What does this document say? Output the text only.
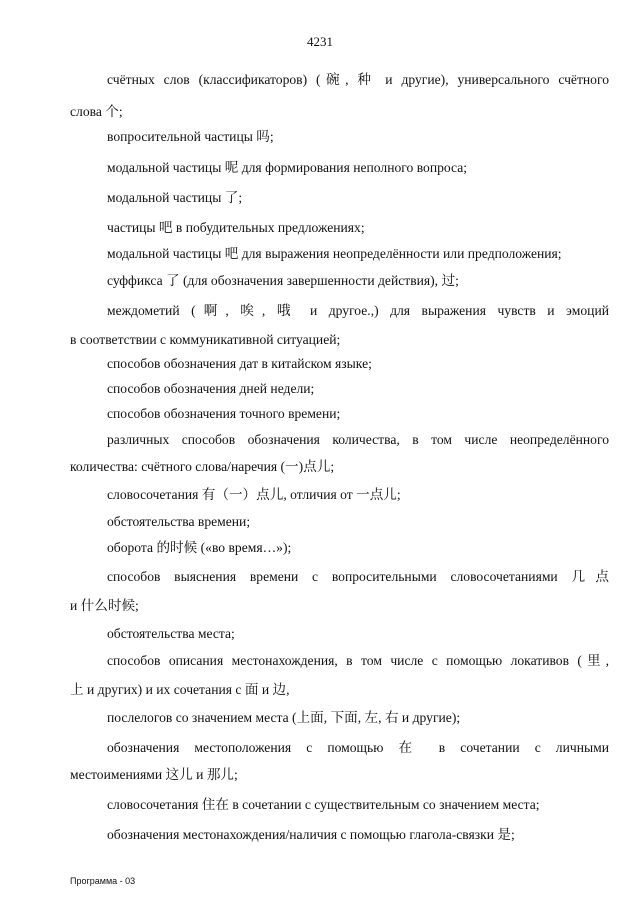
4231
счётных слов (классификаторов) (碗, 种 и другие), универсального счётного
слова 个;
вопросительной частицы 吗;
модальной частицы 呢 для формирования неполного вопроса;
модальной частицы 了;
частицы 吧 в побудительных предложениях;
модальной частицы 吧 для выражения неопределённости или предположения;
суффикса 了 (для обозначения завершенности действия), 过;
междометий (啊, 唉, 哦 и другое.,) для выражения чувств и эмоций
в соответствии с коммуникативной ситуацией;
способов обозначения дат в китайском языке;
способов обозначения дней недели;
способов обозначения точного времени;
различных способов обозначения количества, в том числе неопределённого
количества: счётного слова/наречия (一)点儿;
словосочетания 有（一）点儿, отличия от 一点儿;
обстоятельства времени;
оборота 的时候 («во время…»);
способов выяснения времени с вопросительными словосочетаниями 几点
и 什么时候;
обстоятельства места;
способов описания местонахождения, в том числе с помощью локативов (里,
上 и других) и их сочетания с 面 и 边,
послелогов со значением места (上面, 下面, 左, 右 и другие);
обозначения местоположения с помощью 在 в сочетании с личными
местоимениями 这儿 и 那儿;
словосочетания 住在 в сочетании с существительным со значением места;
обозначения местонахождения/наличия с помощью глагола-связки 是;
Программа - 03
